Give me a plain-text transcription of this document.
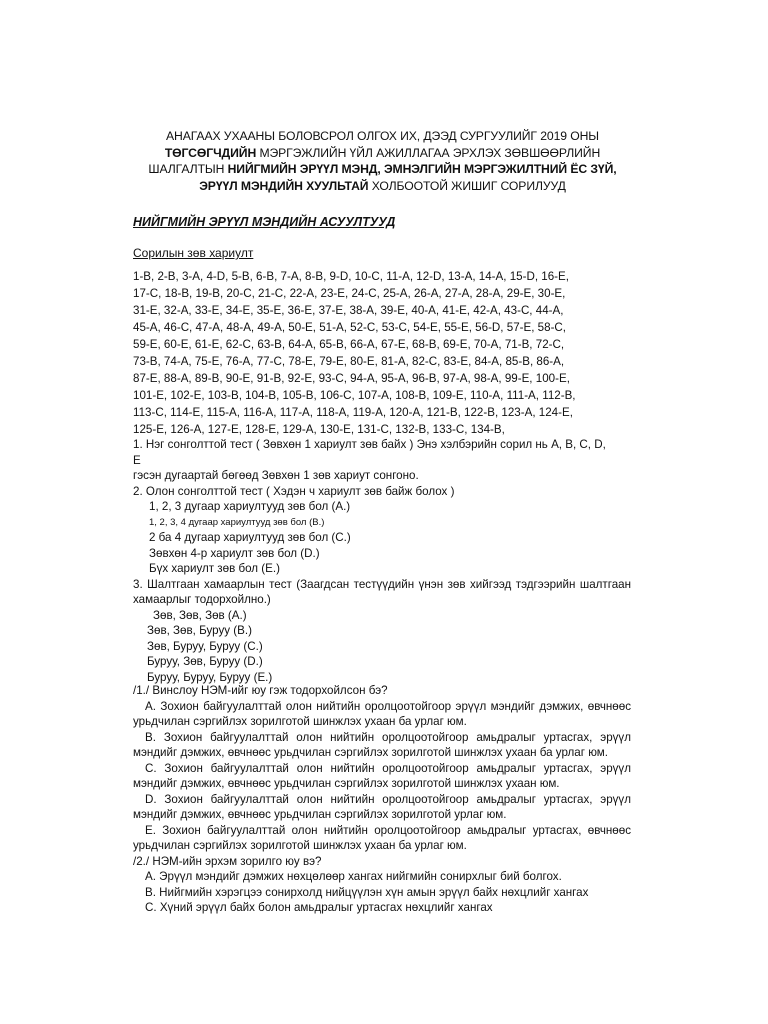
АНАГААХ УХААНЫ БОЛОВСРОЛ ОЛГОХ ИХ, ДЭЭД СУРГУУЛИЙГ 2019 ОНЫ
ТӨГСӨГЧДИЙН МЭРГЭЖЛИЙН ҮЙЛ АЖИЛЛАГАА ЭРХЛЭХ ЗӨВШӨӨРЛИЙН
ШАЛГАЛТЫН НИЙГМИЙН ЭРҮҮЛ МЭНД, ЭМНЭЛГИЙН МЭРГЭЖИЛТНИЙ ЁС ЗҮЙ,
ЭРҮҮЛ МЭНДИЙН ХУУЛЬТАЙ ХОЛБООТОЙ ЖИШИГ СОРИЛУУД
НИЙГМИЙН ЭРҮҮЛ МЭНДИЙН АСУУЛТУУД
Сорилын зөв хариулт
1-B, 2-B, 3-A, 4-D, 5-B, 6-B, 7-A, 8-B, 9-D, 10-C, 11-A, 12-D, 13-A, 14-A, 15-D, 16-E,
17-C, 18-B, 19-B, 20-C, 21-C, 22-A, 23-E, 24-C, 25-A, 26-A, 27-A, 28-A, 29-E, 30-E,
31-E, 32-A, 33-E, 34-E, 35-E, 36-E, 37-E, 38-A, 39-E, 40-A, 41-E, 42-A, 43-C, 44-A,
45-A, 46-C, 47-A, 48-A, 49-A, 50-E, 51-A, 52-C, 53-C, 54-E, 55-E, 56-D, 57-E, 58-C,
59-E, 60-E, 61-E, 62-C, 63-B, 64-A, 65-B, 66-A, 67-E, 68-B, 69-E, 70-A, 71-B, 72-C,
73-B, 74-A, 75-E, 76-A, 77-C, 78-E, 79-E, 80-E, 81-A, 82-C, 83-E, 84-A, 85-B, 86-A,
87-E, 88-A, 89-B, 90-E, 91-B, 92-E, 93-C, 94-A, 95-A, 96-B, 97-A, 98-A, 99-E, 100-E,
101-E, 102-E, 103-B, 104-B, 105-B, 106-C, 107-A, 108-B, 109-E, 110-A, 111-A, 112-B,
113-C, 114-E, 115-A, 116-A, 117-A, 118-A, 119-A, 120-A, 121-B, 122-B, 123-A, 124-E,
125-E, 126-A, 127-E, 128-E, 129-A, 130-E, 131-C, 132-B, 133-C, 134-B,
1. Нэг сонголттой тест ( Зөвхөн 1 хариулт зөв байх ) Энэ хэлбэрийн сорил нь A, B, C, D,
E
гэсэн дугаартай бөгөөд Зөвхөн 1 зөв хариут сонгоно.
2. Олон сонголттой тест ( Хэдэн ч хариулт зөв байж болох )
1, 2, 3 дугаар хариултууд зөв бол (A.)
1, 2, 3, 4 дугаар хариултууд зөв бол (B.)
2 ба 4 дугаар хариултууд зөв бол (C.)
Зөвхөн 4-р хариулт зөв бол (D.)
Бүх хариулт зөв бол (E.)
3. Шалтгаан хамаарлын тест (Заагдсан тестүүдийн үнэн зөв хийгээд тэдгээрийн шалтгаан хамаарлыг тодорхойлно.)
Зөв, Зөв, Зөв (A.)
Зөв, Зөв, Буруу (B.)
Зөв, Буруу, Буруу (C.)
Буруу, Зөв, Буруу (D.)
Буруу, Буруу, Буруу (E.)
/1./ Винслоу НЭМ-ийг юу гэж тодорхойлсон бэ?
A. Зохион байгуулалттай олон нийтийн оролцоотойгоор эрүүл мэндийг дэмжих, өвчнөөс урьдчилан сэргийлэх зорилготой шинжлэх ухаан ба урлаг юм.
B. Зохион байгуулалттай олон нийтийн оролцоотойгоор амьдралыг уртасгах, эрүүл мэндийг дэмжих, өвчнөөс урьдчилан сэргийлэх зорилготой шинжлэх ухаан ба урлаг юм.
C. Зохион байгуулалттай олон нийтийн оролцоотойгоор амьдралыг уртасгах, эрүүл мэндийг дэмжих, өвчнөөс урьдчилан сэргийлэх зорилготой шинжлэх ухаан юм.
D. Зохион байгуулалттай олон нийтийн оролцоотойгоор амьдралыг уртасгах, эрүүл мэндийг дэмжих, өвчнөөс урьдчилан сэргийлэх зорилготой урлаг юм.
E. Зохион байгуулалттай олон нийтийн оролцоотойгоор амьдралыг уртасгах, өвчнөөс урьдчилан сэргийлэх зорилготой шинжлэх ухаан ба урлаг юм.
/2./ НЭМ-ийн эрхэм зорилго юу вэ?
A. Эрүүл мэндийг дэмжих нөхцөлөөр хангах нийгмийн сонирхлыг бий болгох.
B. Нийгмийн хэрэгцээ сонирхолд нийцүүлэн хүн амын эрүүл байх нөхцлийг хангах
C. Хүний эрүүл байх болон амьдралыг уртасгах нөхцлийг хангах
